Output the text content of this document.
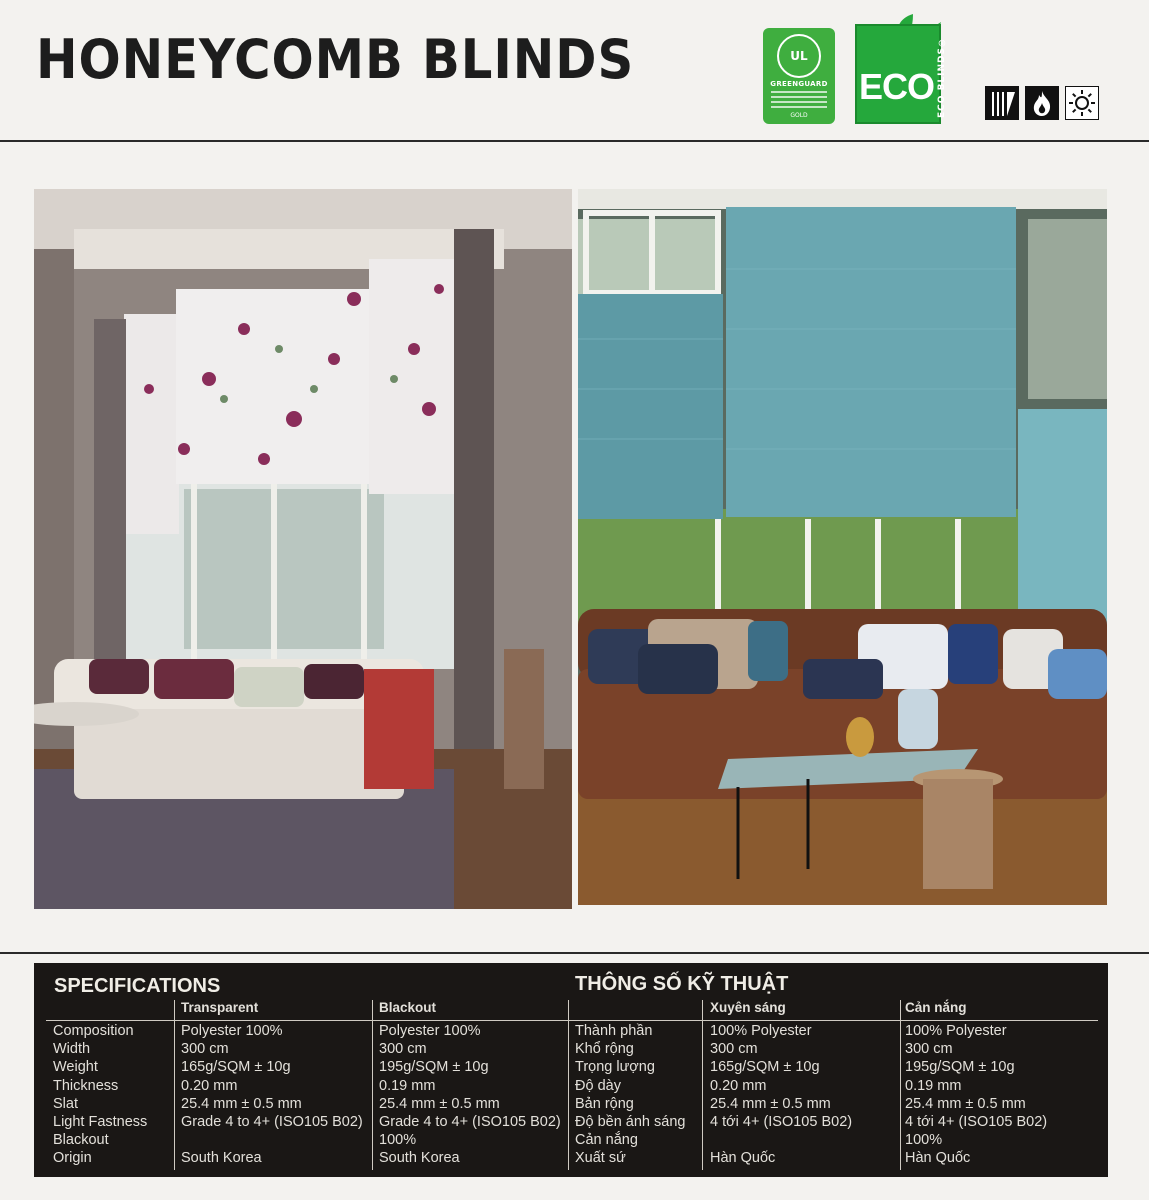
HONEYCOMB BLINDS	UL
GREENGUARD
GOLD
ECO ECO BLINDS®
SPECIFICATIONS	THÔNG SỐ KỸ THUẬT
Composition
Width
Weight
Thickness
Slat
Light Fastness
Blackout
Origin
Transparent
Polyester 100%
300 cm
165g/SQM ± 10g
0.20 mm
25.4 mm ± 0.5 mm
Grade 4 to 4+ (ISO105 B02)
South Korea
Blackout
Polyester 100%
300 cm
195g/SQM ± 10g
0.19 mm
25.4 mm ± 0.5 mm
Grade 4 to 4+ (ISO105 B02)
100%
South Korea
Thành phần
Khổ rộng
Trọng lượng
Độ dày
Bản rộng
Độ bền ánh sáng
Cản nắng
Xuất sứ
Xuyên sáng
100% Polyester
300 cm
165g/SQM ± 10g
0.20 mm
25.4 mm ± 0.5 mm
4 tới 4+ (ISO105 B02)
Hàn Quốc
Cản nắng
100% Polyester
300 cm
195g/SQM ± 10g
0.19 mm
25.4 mm ± 0.5 mm
4 tới 4+ (ISO105 B02)
100%
Hàn Quốc
